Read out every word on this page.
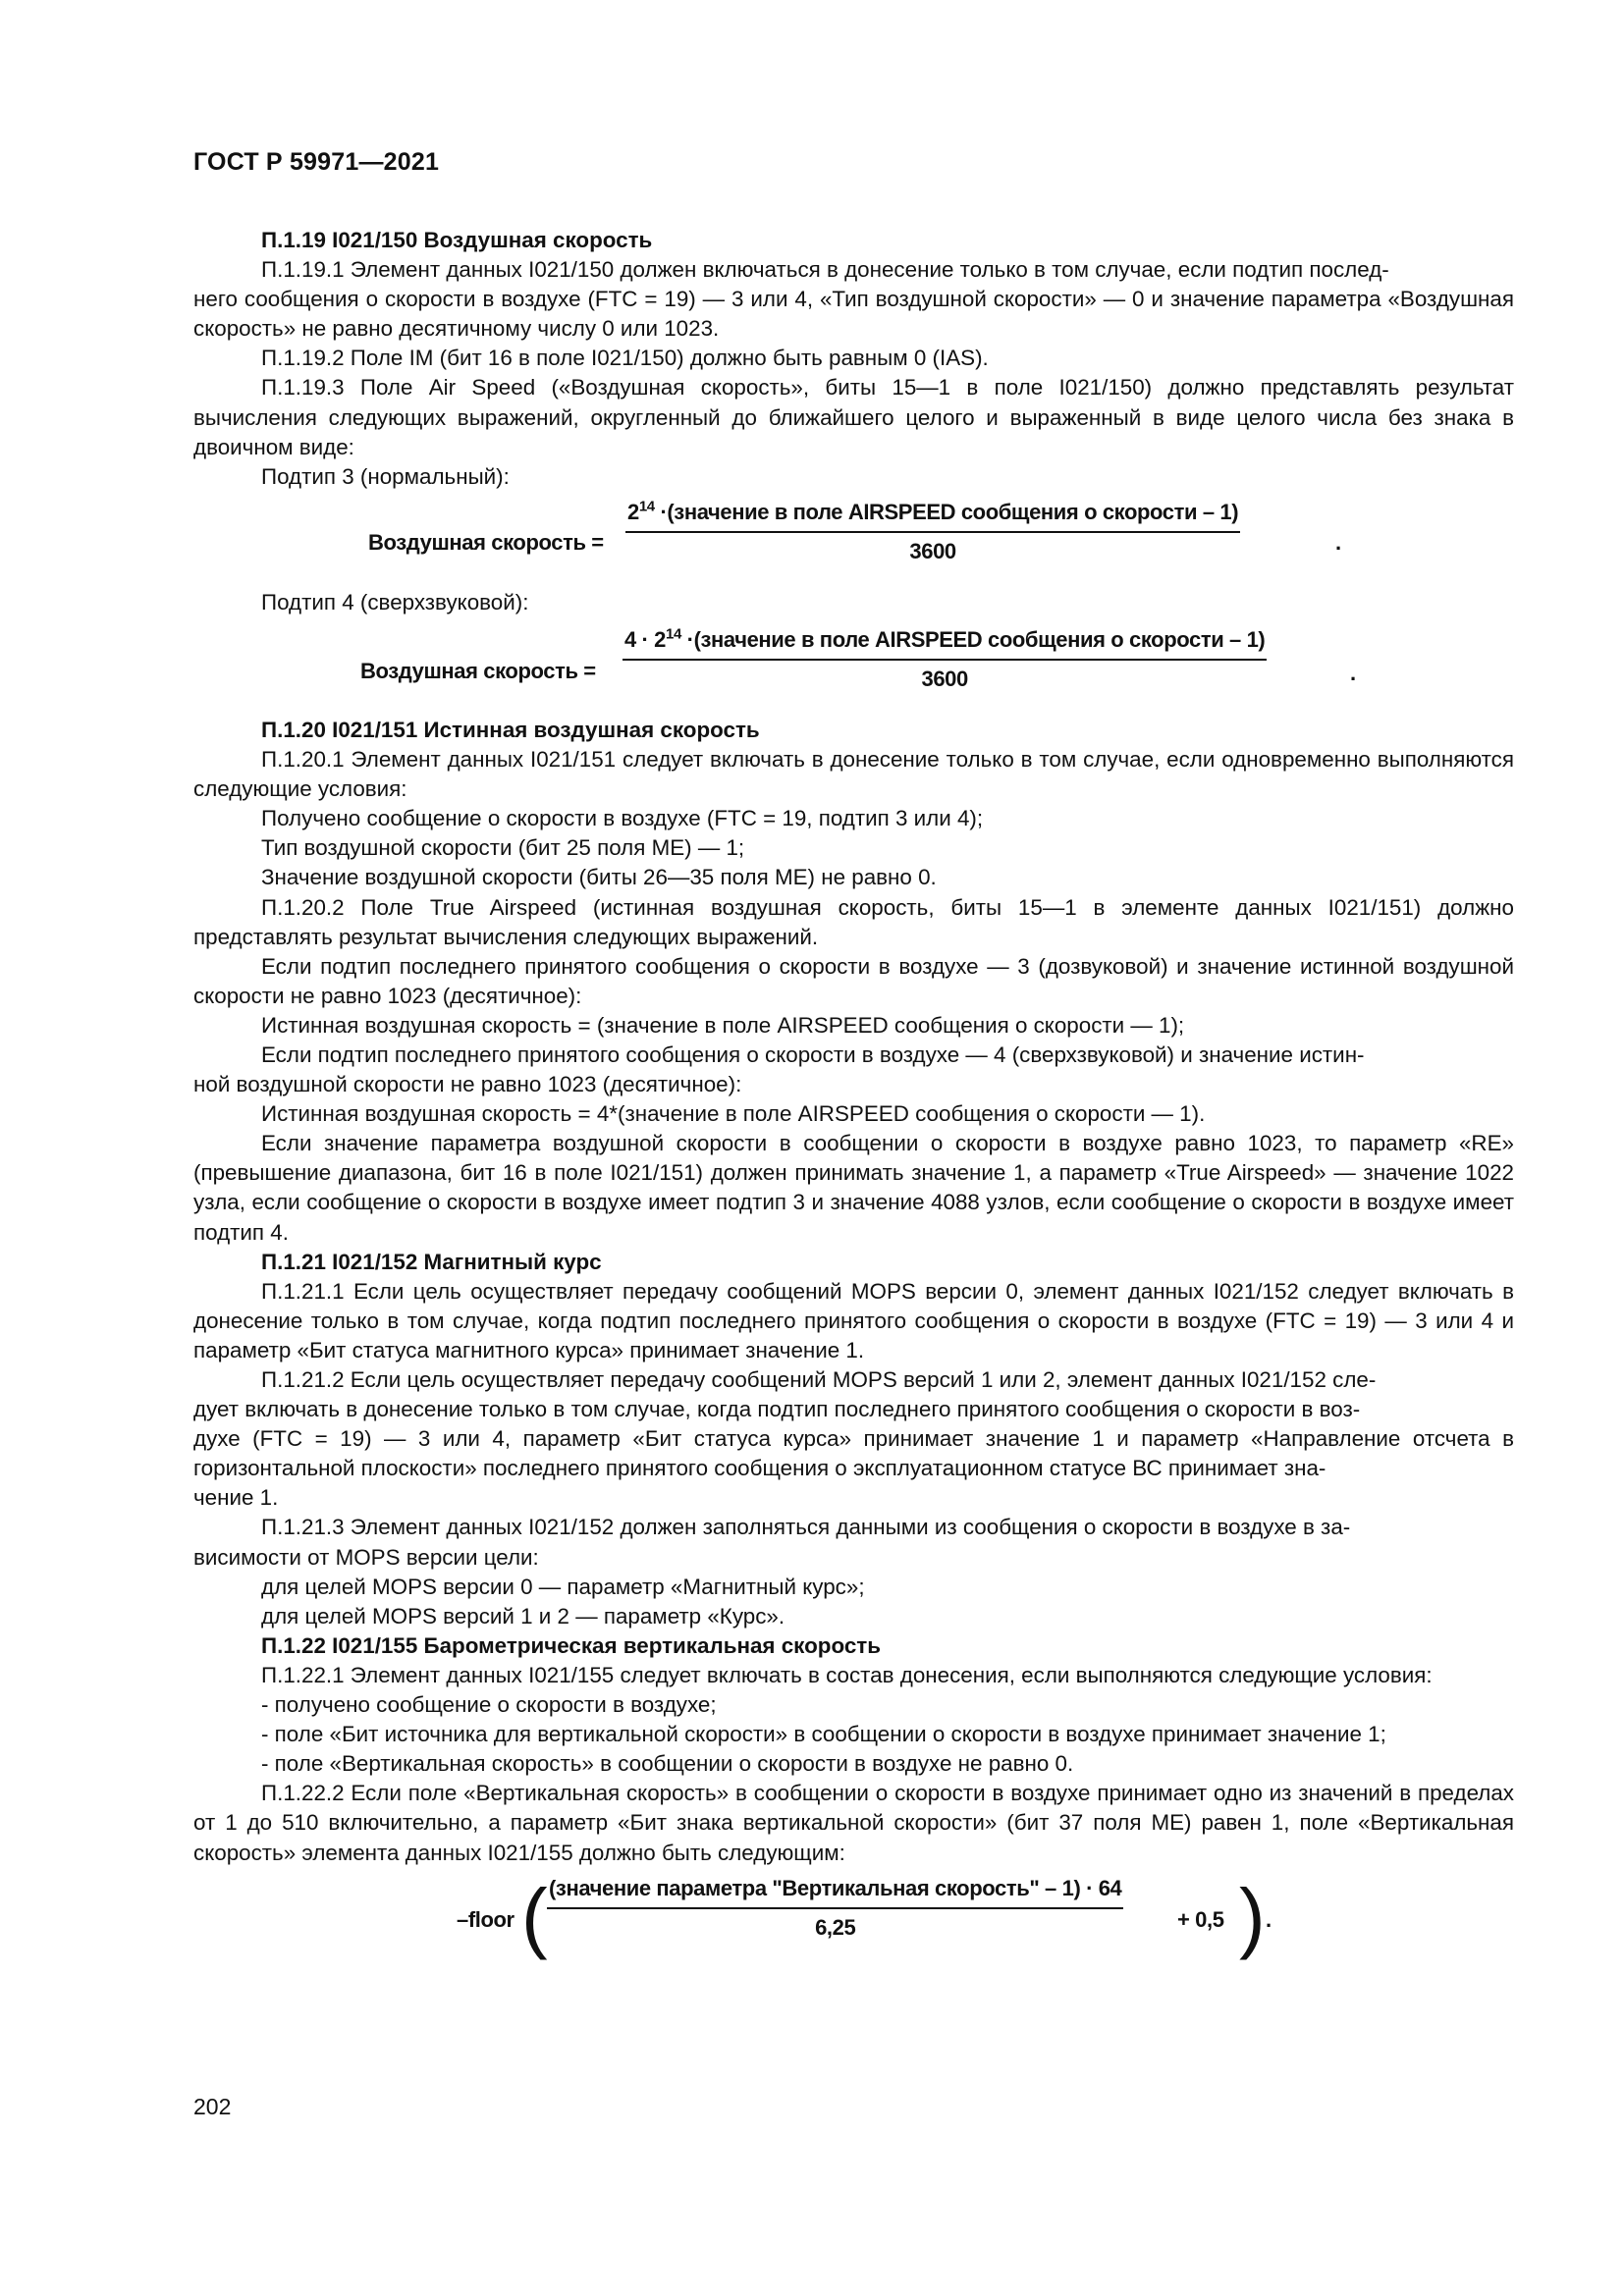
ГОСТ Р 59971—2021

П.1.19 I021/150 Воздушная скорость

П.1.19.1 Элемент данных I021/150 должен включаться в донесение только в том случае, если подтип послед-

него сообщения о скорости в воздухе (FTC = 19) — 3 или 4, «Тип воздушной скорости» — 0 и значение параметра «Воздушная скорость» не равно десятичному числу 0 или 1023.

П.1.19.2 Поле IM (бит 16 в поле I021/150) должно быть равным 0 (IAS).

П.1.19.3 Поле Air Speed («Воздушная скорость», биты 15—1 в поле I021/150) должно представлять результат вычисления следующих выражений, округленный до ближайшего целого и выраженный в виде целого числа без знака в двоичном виде:

Подтип 3 (нормальный):

Воздушная скорость =
$2^{14}$ ·(значение в поле AIRSPEED сообщения о скорости – 1)
3600	.

Подтип 4 (сверхзвуковой):

Воздушная скорость =
$4 \cdot 2^{14}$ ·(значение в поле AIRSPEED сообщения о скорости – 1)
3600	.

П.1.20 I021/151 Истинная воздушная скорость

П.1.20.1 Элемент данных I021/151 следует включать в донесение только в том случае, если одновременно выполняются следующие условия:

Получено сообщение о скорости в воздухе (FTC = 19, подтип 3 или 4);

Тип воздушной скорости (бит 25 поля ME) — 1;

Значение воздушной скорости (биты 26—35 поля ME) не равно 0.

П.1.20.2 Поле True Airspeed (истинная воздушная скорость, биты 15—1 в элементе данных I021/151) должно представлять результат вычисления следующих выражений.

Если подтип последнего принятого сообщения о скорости в воздухе — 3 (дозвуковой) и значение истинной воздушной скорости не равно 1023 (десятичное):

Истинная воздушная скорость = (значение в поле AIRSPEED сообщения о скорости — 1);

Если подтип последнего принятого сообщения о скорости в воздухе — 4 (сверхзвуковой) и значение истин-

ной воздушной скорости не равно 1023 (десятичное):

Истинная воздушная скорость = 4*(значение в поле AIRSPEED сообщения о скорости — 1).

Если значение параметра воздушной скорости в сообщении о скорости в воздухе равно 1023, то параметр «RE» (превышение диапазона, бит 16 в поле I021/151) должен принимать значение 1, а параметр «True Airspeed» — значение 1022 узла, если сообщение о скорости в воздухе имеет подтип 3 и значение 4088 узлов, если сообщение о скорости в воздухе имеет подтип 4.

П.1.21 I021/152 Магнитный курс

П.1.21.1 Если цель осуществляет передачу сообщений MOPS версии 0, элемент данных I021/152 следует включать в донесение только в том случае, когда подтип последнего принятого сообщения о скорости в воздухе (FTC = 19) — 3 или 4 и параметр «Бит статуса магнитного курса» принимает значение 1.

П.1.21.2 Если цель осуществляет передачу сообщений MOPS версий 1 или 2, элемент данных I021/152 сле-

дует включать в донесение только в том случае, когда подтип последнего принятого сообщения о скорости в воз-

духе (FTC = 19) — 3 или 4, параметр «Бит статуса курса» принимает значение 1 и параметр «Направление отсчета в горизонтальной плоскости» последнего принятого сообщения о эксплуатационном статусе ВС принимает зна-

чение 1.

П.1.21.3 Элемент данных I021/152 должен заполняться данными из сообщения о скорости в воздухе в за-

висимости от MOPS версии цели:

для целей MOPS версии 0 — параметр «Магнитный курс»;

для целей MOPS версий 1 и 2 — параметр «Курс».

П.1.22 I021/155 Барометрическая вертикальная скорость

П.1.22.1 Элемент данных I021/155 следует включать в состав донесения, если выполняются следующие условия:

- получено сообщение о скорости в воздухе;

- поле «Бит источника для вертикальной скорости» в сообщении о скорости в воздухе принимает значение 1;

- поле «Вертикальная скорость» в сообщении о скорости в воздухе не равно 0.

П.1.22.2 Если поле «Вертикальная скорость» в сообщении о скорости в воздухе принимает одно из значений в пределах от 1 до 510 включительно, а параметр «Бит знака вертикальной скорости» (бит 37 поля ME) равен 1, поле «Вертикальная скорость» элемента данных I021/155 должно быть следующим:

–floor ( (значение параметра "Вертикальная скорость" – 1) · 64
6,25	+ 0,5 ) .
202
